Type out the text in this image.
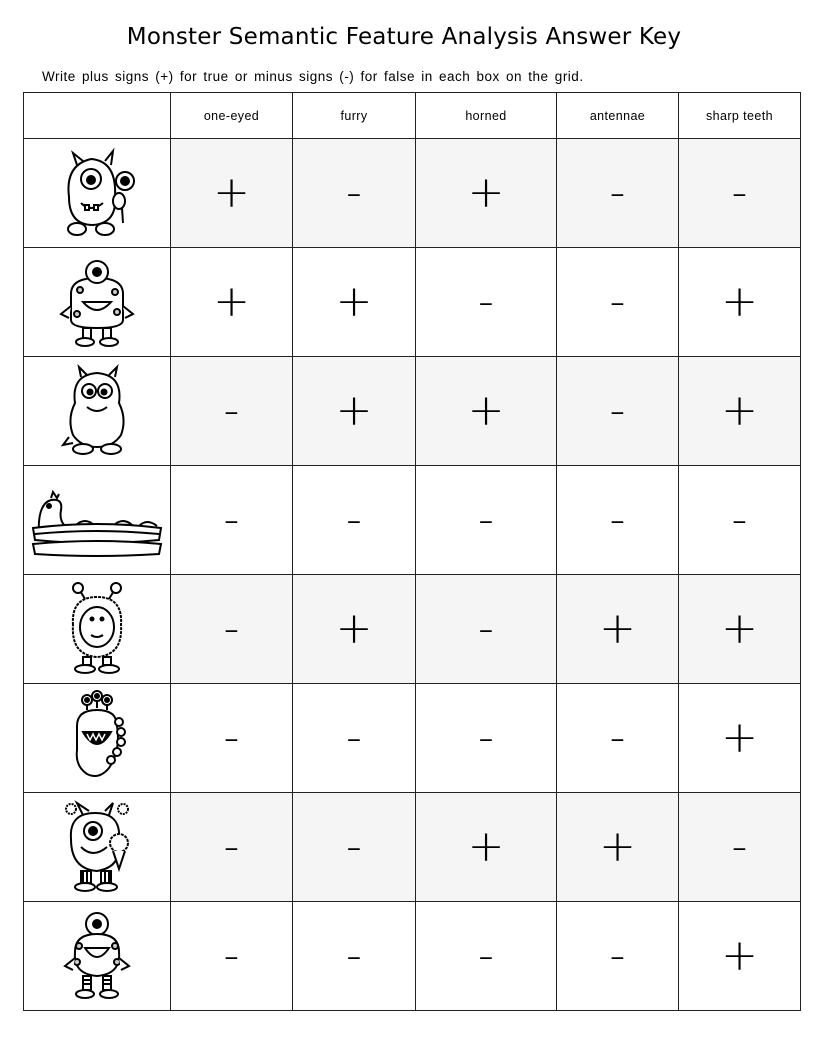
Monster Semantic Feature Analysis Answer Key
Write plus signs (+) for true or minus signs (-) for false in each box on the grid.
	one-eyed	furry	horned	antennae	sharp teeth

	+	-	+	-	-

	+	+	-	-	+

	-	+	+	-	+

	-	-	-	-	-

	-	+	-	+	+

	-	-	-	-	+

	-	-	+	+	-

	-	-	-	-	+
